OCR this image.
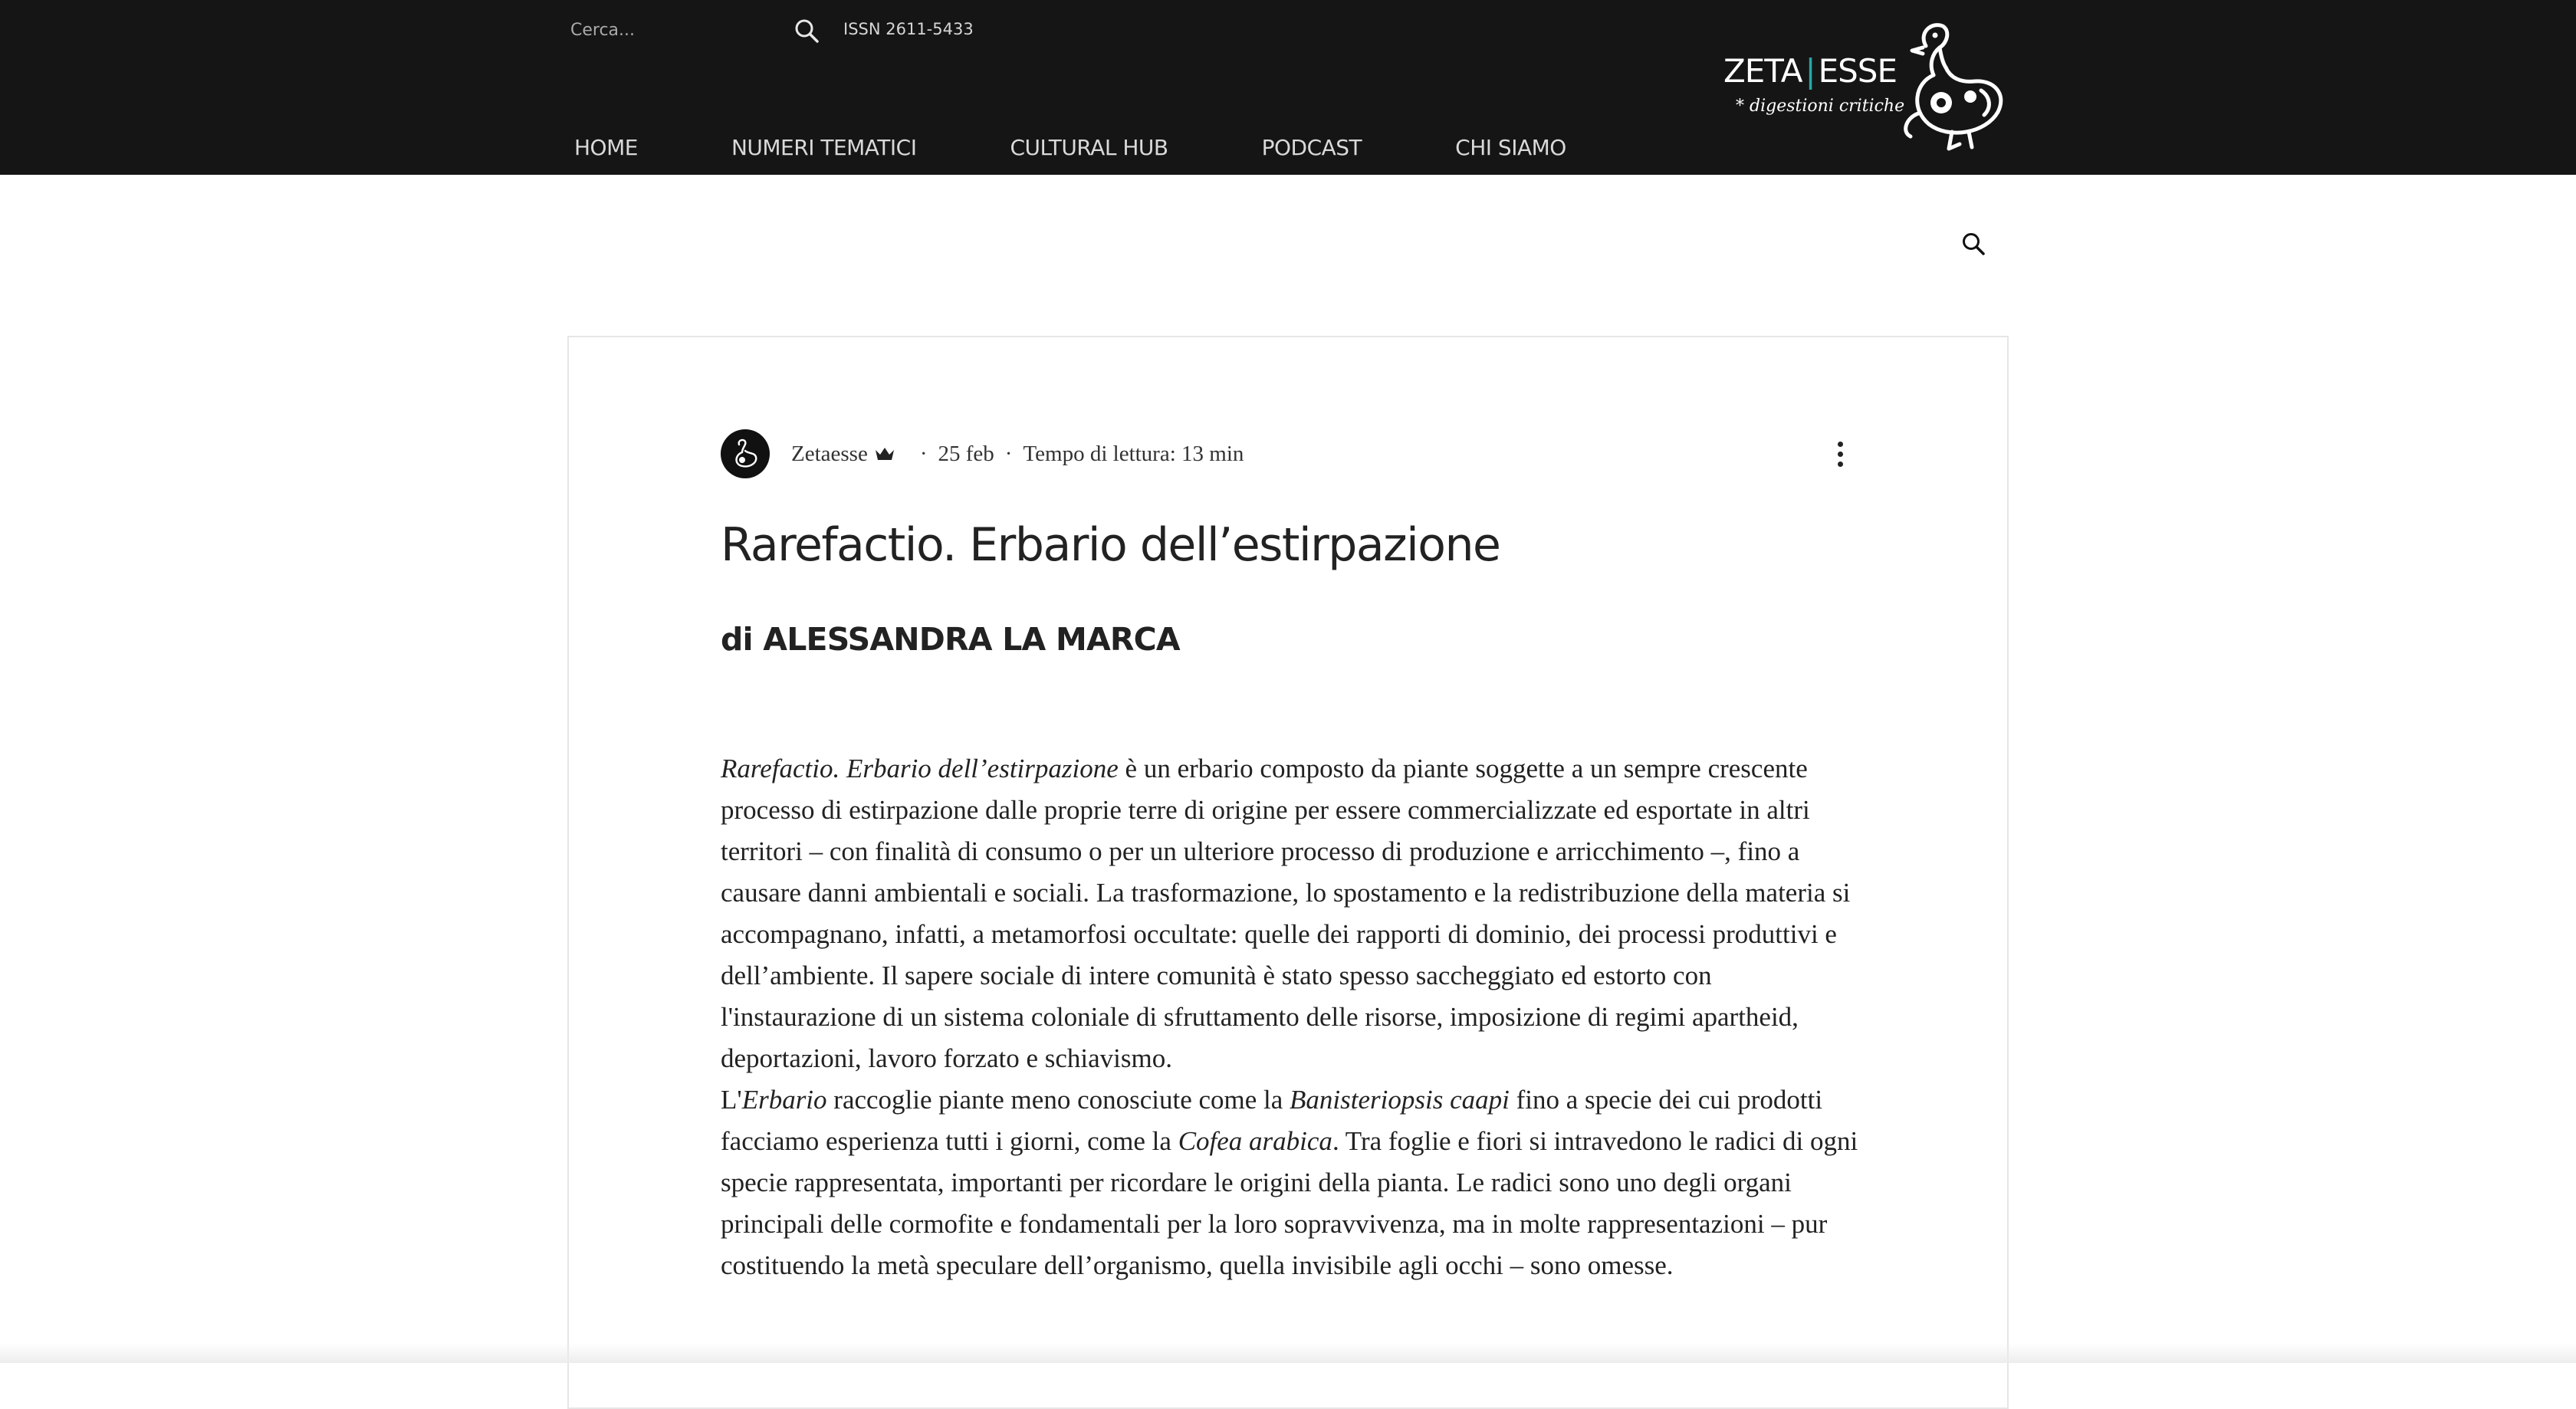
Cerca...
ISSN 2611-5433
HOME	NUMERI TEMATICI	CULTURAL HUB	PODCAST	CHI SIAMO
ZETA|ESSE
* digestioni critiche
Zetaesse · 25 feb · Tempo di lettura: 13 min
Rarefactio. Erbario dell’estirpazione
di ALESSANDRA LA MARCA

Rarefactio. Erbario dell’estirpazione è un erbario composto da piante soggette a un sempre crescente processo di estirpazione dalle proprie terre di origine per essere commercializzate ed esportate in altri territori – con finalità di consumo o per un ulteriore processo di produzione e arricchimento –, fino a causare danni ambientali e sociali. La trasformazione, lo spostamento e la redistribuzione della materia si accompagnano, infatti, a metamorfosi occultate: quelle dei rapporti di dominio, dei processi produttivi e dell’ambiente. Il sapere sociale di intere comunità è stato spesso saccheggiato ed estorto con l'instaurazione di un sistema coloniale di sfruttamento delle risorse, imposizione di regimi apartheid, deportazioni, lavoro forzato e schiavismo.

L'Erbario raccoglie piante meno conosciute come la Banisteriopsis caapi fino a specie dei cui prodotti facciamo esperienza tutti i giorni, come la Cofea arabica. Tra foglie e fiori si intravedono le radici di ogni specie rappresentata, importanti per ricordare le origini della pianta. Le radici sono uno degli organi principali delle cormofite e fondamentali per la loro sopravvivenza, ma in molte rappresentazioni – pur costituendo la metà speculare dell’organismo, quella invisibile agli occhi – sono omesse.
